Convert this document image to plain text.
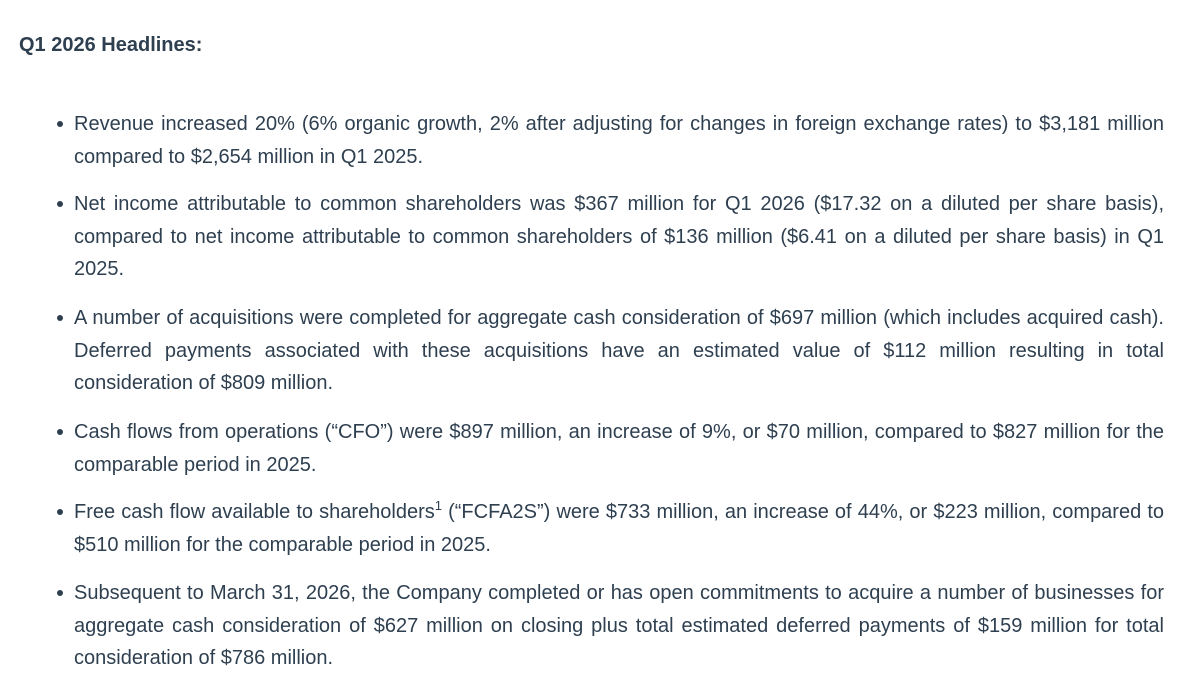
Q1 2026 Headlines:
Revenue increased 20% (6% organic growth, 2% after adjusting for changes in foreign exchange rates) to $3,181 million compared to $2,654 million in Q1 2025.
Net income attributable to common shareholders was $367 million for Q1 2026 ($17.32 on a diluted per share basis), compared to net income attributable to common shareholders of $136 million ($6.41 on a diluted per share basis) in Q1 2025.
A number of acquisitions were completed for aggregate cash consideration of $697 million (which includes acquired cash). Deferred payments associated with these acquisitions have an estimated value of $112 million resulting in total consideration of $809 million.
Cash flows from operations (“CFO”) were $897 million, an increase of 9%, or $70 million, compared to $827 million for the comparable period in 2025.
Free cash flow available to shareholders$^1$ (“FCFA2S”) were $733 million, an increase of 44%, or $223 million, compared to $510 million for the comparable period in 2025.
Subsequent to March 31, 2026, the Company completed or has open commitments to acquire a number of businesses for aggregate cash consideration of $627 million on closing plus total estimated deferred payments of $159 million for total consideration of $786 million.
